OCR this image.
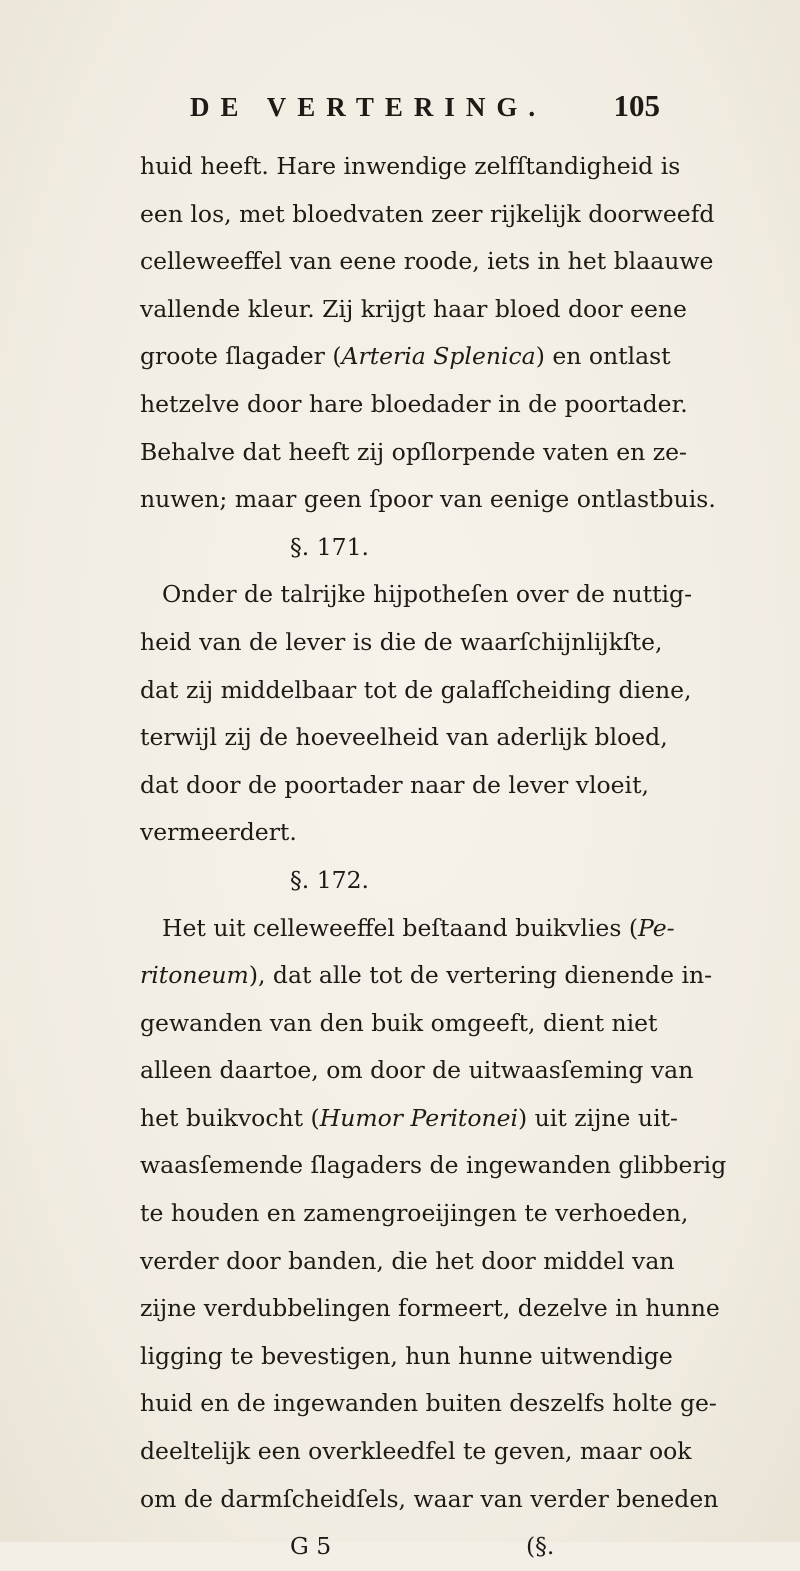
DE VERTERING. 105
huid heeft. Hare inwendige zelfſtandigheid is
een los, met bloedvaten zeer rijkelijk doorweefd
celleweeffel van eene roode, iets in het blaauwe
vallende kleur. Zij krijgt haar bloed door eene
groote ſlagader (Arteria Splenica) en ontlast
hetzelve door hare bloedader in de poortader.
Behalve dat heeft zij opſlorpende vaten en ze-
nuwen; maar geen ſpoor van eenige ontlastbuis.
§. 171.
Onder de talrijke hijpotheſen over de nuttig-
heid van de lever is die de waarſchijnlijkſte,
dat zij middelbaar tot de galafſcheiding diene,
terwijl zij de hoeveelheid van aderlijk bloed,
dat door de poortader naar de lever vloeit,
vermeerdert.
§. 172.
Het uit celleweeffel beſtaand buikvlies (Pe-
ritoneum), dat alle tot de vertering dienende in-
gewanden van den buik omgeeft, dient niet
alleen daartoe, om door de uitwaasſeming van
het buikvocht (Humor Peritonei) uit zijne uit-
waasſemende ſlagaders de ingewanden glibberig
te houden en zamengroeijingen te verhoeden,
verder door banden, die het door middel van
zijne verdubbelingen formeert, dezelve in hunne
ligging te bevestigen, hun hunne uitwendige
huid en de ingewanden buiten deszelfs holte ge-
deeltelijk een overkleedfel te geven, maar ook
om de darmſcheidſels, waar van verder beneden
G 5	(§.
